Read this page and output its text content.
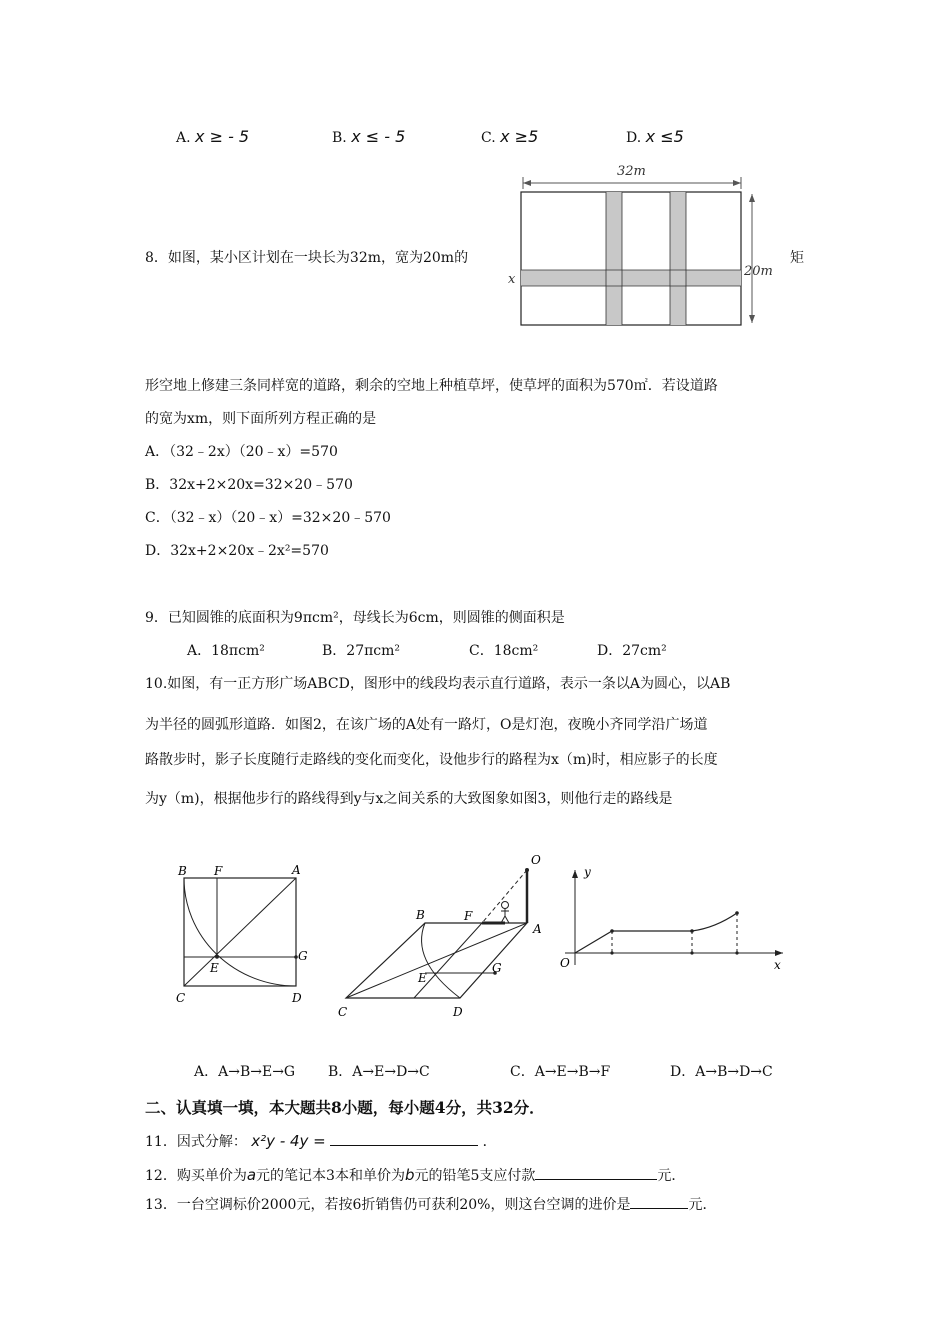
A. x ≥ - 5	B. x ≤ - 5	C. x ≥5	D. x ≤5
32m
20m
x
8．如图，某小区计划在一块长为32m，宽为20m的	矩
形空地上修建三条同样宽的道路，剩余的空地上种植草坪，使草坪的面积为570㎡．若设道路
的宽为xm，则下面所列方程正确的是
A．（32﹣2x）（20﹣x）=570
B．32x+2×20x=32×20﹣570
C．（32﹣x）（20﹣x）=32×20﹣570
D．32x+2×20x﹣2x²=570
9．已知圆锥的底面积为9πcm²，母线长为6cm，则圆锥的侧面积是
A．18πcm²	B．27πcm²	C．18cm²	D．27cm²
10.如图，有一正方形广场ABCD，图形中的线段均表示直行道路，表示一条以A为圆心，以AB
为半径的圆弧形道路．如图2，在该广场的A处有一路灯，O是灯泡，夜晚小齐同学沿广场道
路散步时，影子长度随行走路线的变化而变化，设他步行的路程为x（m)时，相应影子的长度
为y（m)，根据他步行的路线得到y与x之间关系的大致图象如图3，则他行走的路线是
B F	A
E
G
C	D
O
B	F
A
E
G
C	D
y
x
O
A．A→B→E→G B．A→E→D→C	C．A→E→B→F	D．A→B→D→C
二、认真填一填，本大题共8小题，每小题4分，共32分．
11．因式分解： x²y - 4y =	．
12．购买单价为a元的笔记本3本和单价为b元的铅笔5支应付款	元．
13．一台空调标价2000元，若按6折销售仍可获利20%，则这台空调的进价是	元．
